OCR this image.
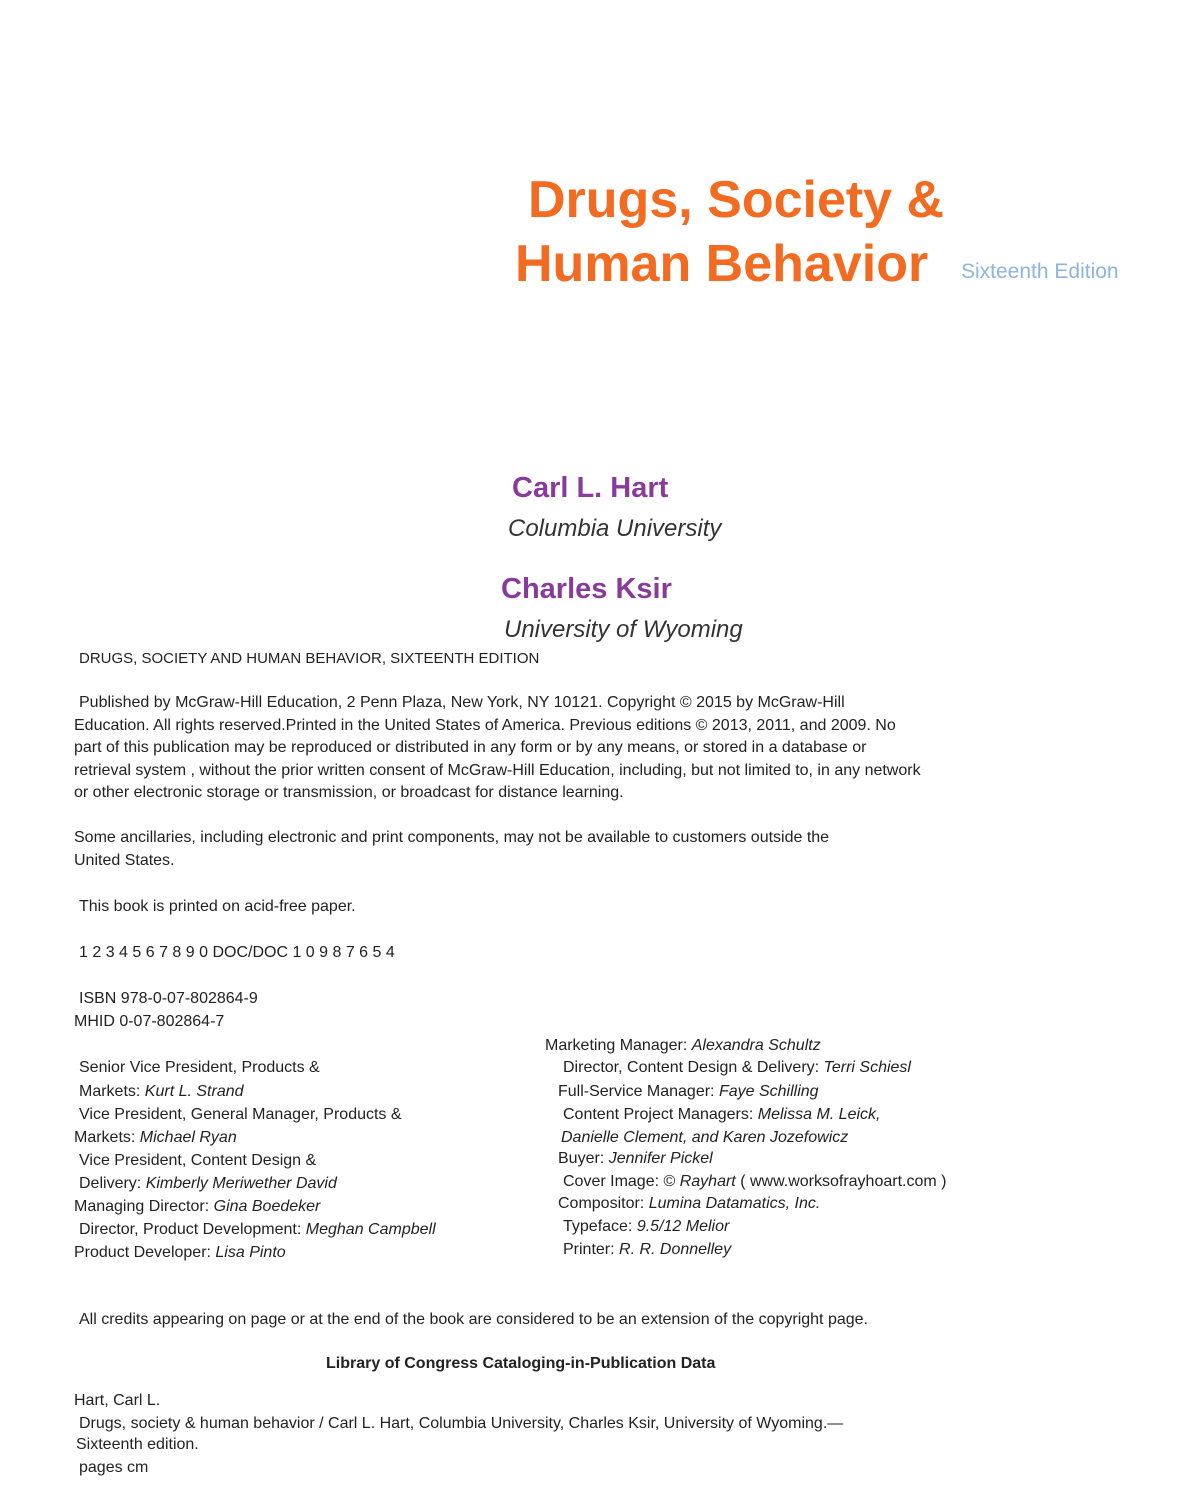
Drugs, Society &
Human Behavior Sixteenth Edition
Carl L. Hart
Columbia University
Charles Ksir
University of Wyoming
DRUGS, SOCIETY AND HUMAN BEHAVIOR, SIXTEENTH EDITION

Published by McGraw-Hill Education, 2 Penn Plaza, New York, NY 10121. Copyright © 2015 by McGraw-Hill

Education. All rights reserved.Printed in the United States of America. Previous editions © 2013, 2011, and 2009. No

part of this publication may be reproduced or distributed in any form or by any means, or stored in a database or

retrieval system , without the prior written consent of McGraw-Hill Education, including, but not limited to, in any network

or other electronic storage or transmission, or broadcast for distance learning.

Some ancillaries, including electronic and print components, may not be available to customers outside the

United States.

This book is printed on acid-free paper.
1 2 3 4 5 6 7 8 9 0 DOC/DOC 1 0 9 8 7 6 5 4
ISBN 978-0-07-802864-9
MHID 0-07-802864-7
Senior Vice President, Products &
Markets: Kurt L. Strand
Vice President, General Manager, Products &
Markets: Michael Ryan
Vice President, Content Design &
Delivery: Kimberly Meriwether David
Managing Director: Gina Boedeker
Director, Product Development: Meghan Campbell
Product Developer: Lisa Pinto
Marketing Manager: Alexandra Schultz
Director, Content Design & Delivery: Terri Schiesl
Full-Service Manager: Faye Schilling
Content Project Managers: Melissa M. Leick,
Danielle Clement, and Karen Jozefowicz
Buyer: Jennifer Pickel
Cover Image: © Rayhart ( www.worksofrayhoart.com )
Compositor: Lumina Datamatics, Inc.
Typeface: 9.5/12 Melior
Printer: R. R. Donnelley
All credits appearing on page or at the end of the book are considered to be an extension of the copyright page.
Library of Congress Cataloging-in-Publication Data
Hart, Carl L.
Drugs, society & human behavior / Carl L. Hart, Columbia University, Charles Ksir, University of Wyoming.—
Sixteenth edition.
pages cm
